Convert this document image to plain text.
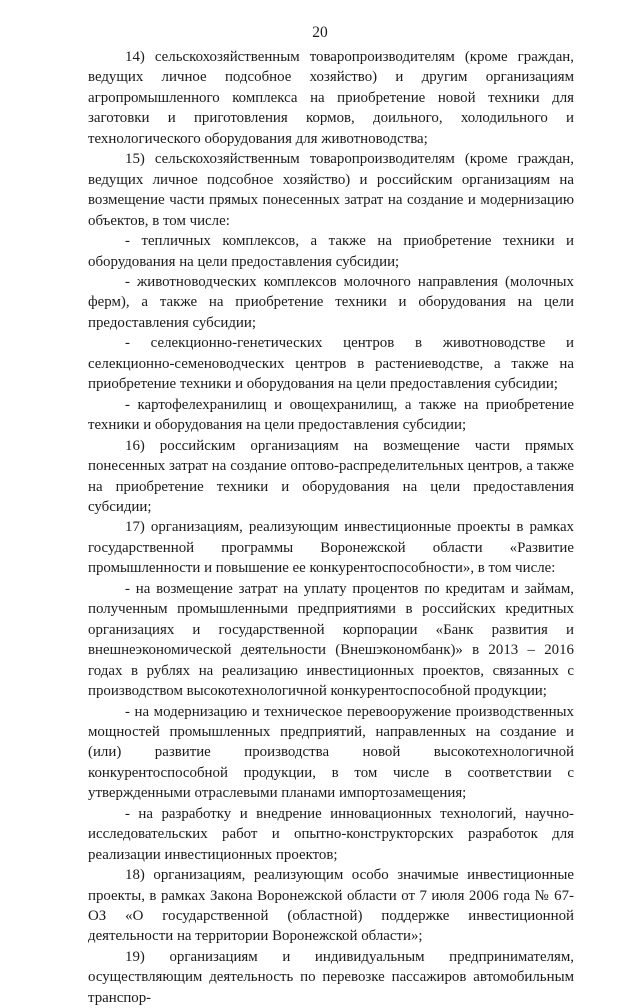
20

14) сельскохозяйственным товаропроизводителям (кроме граждан, ведущих личное подсобное хозяйство) и другим организациям агропромышленного комплекса на приобретение новой техники для заготовки и приготовления кормов, доильного, холодильного и технологического оборудования для животноводства;

15) сельскохозяйственным товаропроизводителям (кроме граждан, ведущих личное подсобное хозяйство) и российским организациям на возмещение части прямых понесенных затрат на создание и модернизацию объектов, в том числе:

- тепличных комплексов, а также на приобретение техники и оборудования на цели предоставления субсидии;

- животноводческих комплексов молочного направления (молочных ферм), а также на приобретение техники и оборудования на цели предоставления субсидии;

- селекционно-генетических центров в животноводстве и селекционно-семеноводческих центров в растениеводстве, а также на приобретение техники и оборудования на цели предоставления субсидии;

- картофелехранилищ и овощехранилищ, а также на приобретение техники и оборудования на цели предоставления субсидии;

16) российским организациям на возмещение части прямых понесенных затрат на создание оптово-распределительных центров, а также на приобретение техники и оборудования на цели предоставления субсидии;

17) организациям, реализующим инвестиционные проекты в рамках государственной программы Воронежской области «Развитие промышленности и повышение ее конкурентоспособности», в том числе:

- на возмещение затрат на уплату процентов по кредитам и займам, полученным промышленными предприятиями в российских кредитных организациях и государственной корпорации «Банк развития и внешнеэкономической деятельности (Внешэкономбанк)» в 2013 – 2016 годах в рублях на реализацию инвестиционных проектов, связанных с производством высокотехнологичной конкурентоспособной продукции;

- на модернизацию и техническое перевооружение производственных мощностей промышленных предприятий, направленных на создание и (или) развитие производства новой высокотехнологичной конкурентоспособной продукции, в том числе в соответствии с утвержденными отраслевыми планами импортозамещения;

- на разработку и внедрение инновационных технологий, научно-исследовательских работ и опытно-конструкторских разработок для реализации инвестиционных проектов;

18) организациям, реализующим особо значимые инвестиционные проекты, в рамках Закона Воронежской области от 7 июля 2006 года № 67-ОЗ «О государственной (областной) поддержке инвестиционной деятельности на территории Воронежской области»;

19) организациям и индивидуальным предпринимателям, осуществляющим деятельность по перевозке пассажиров автомобильным транспор-
